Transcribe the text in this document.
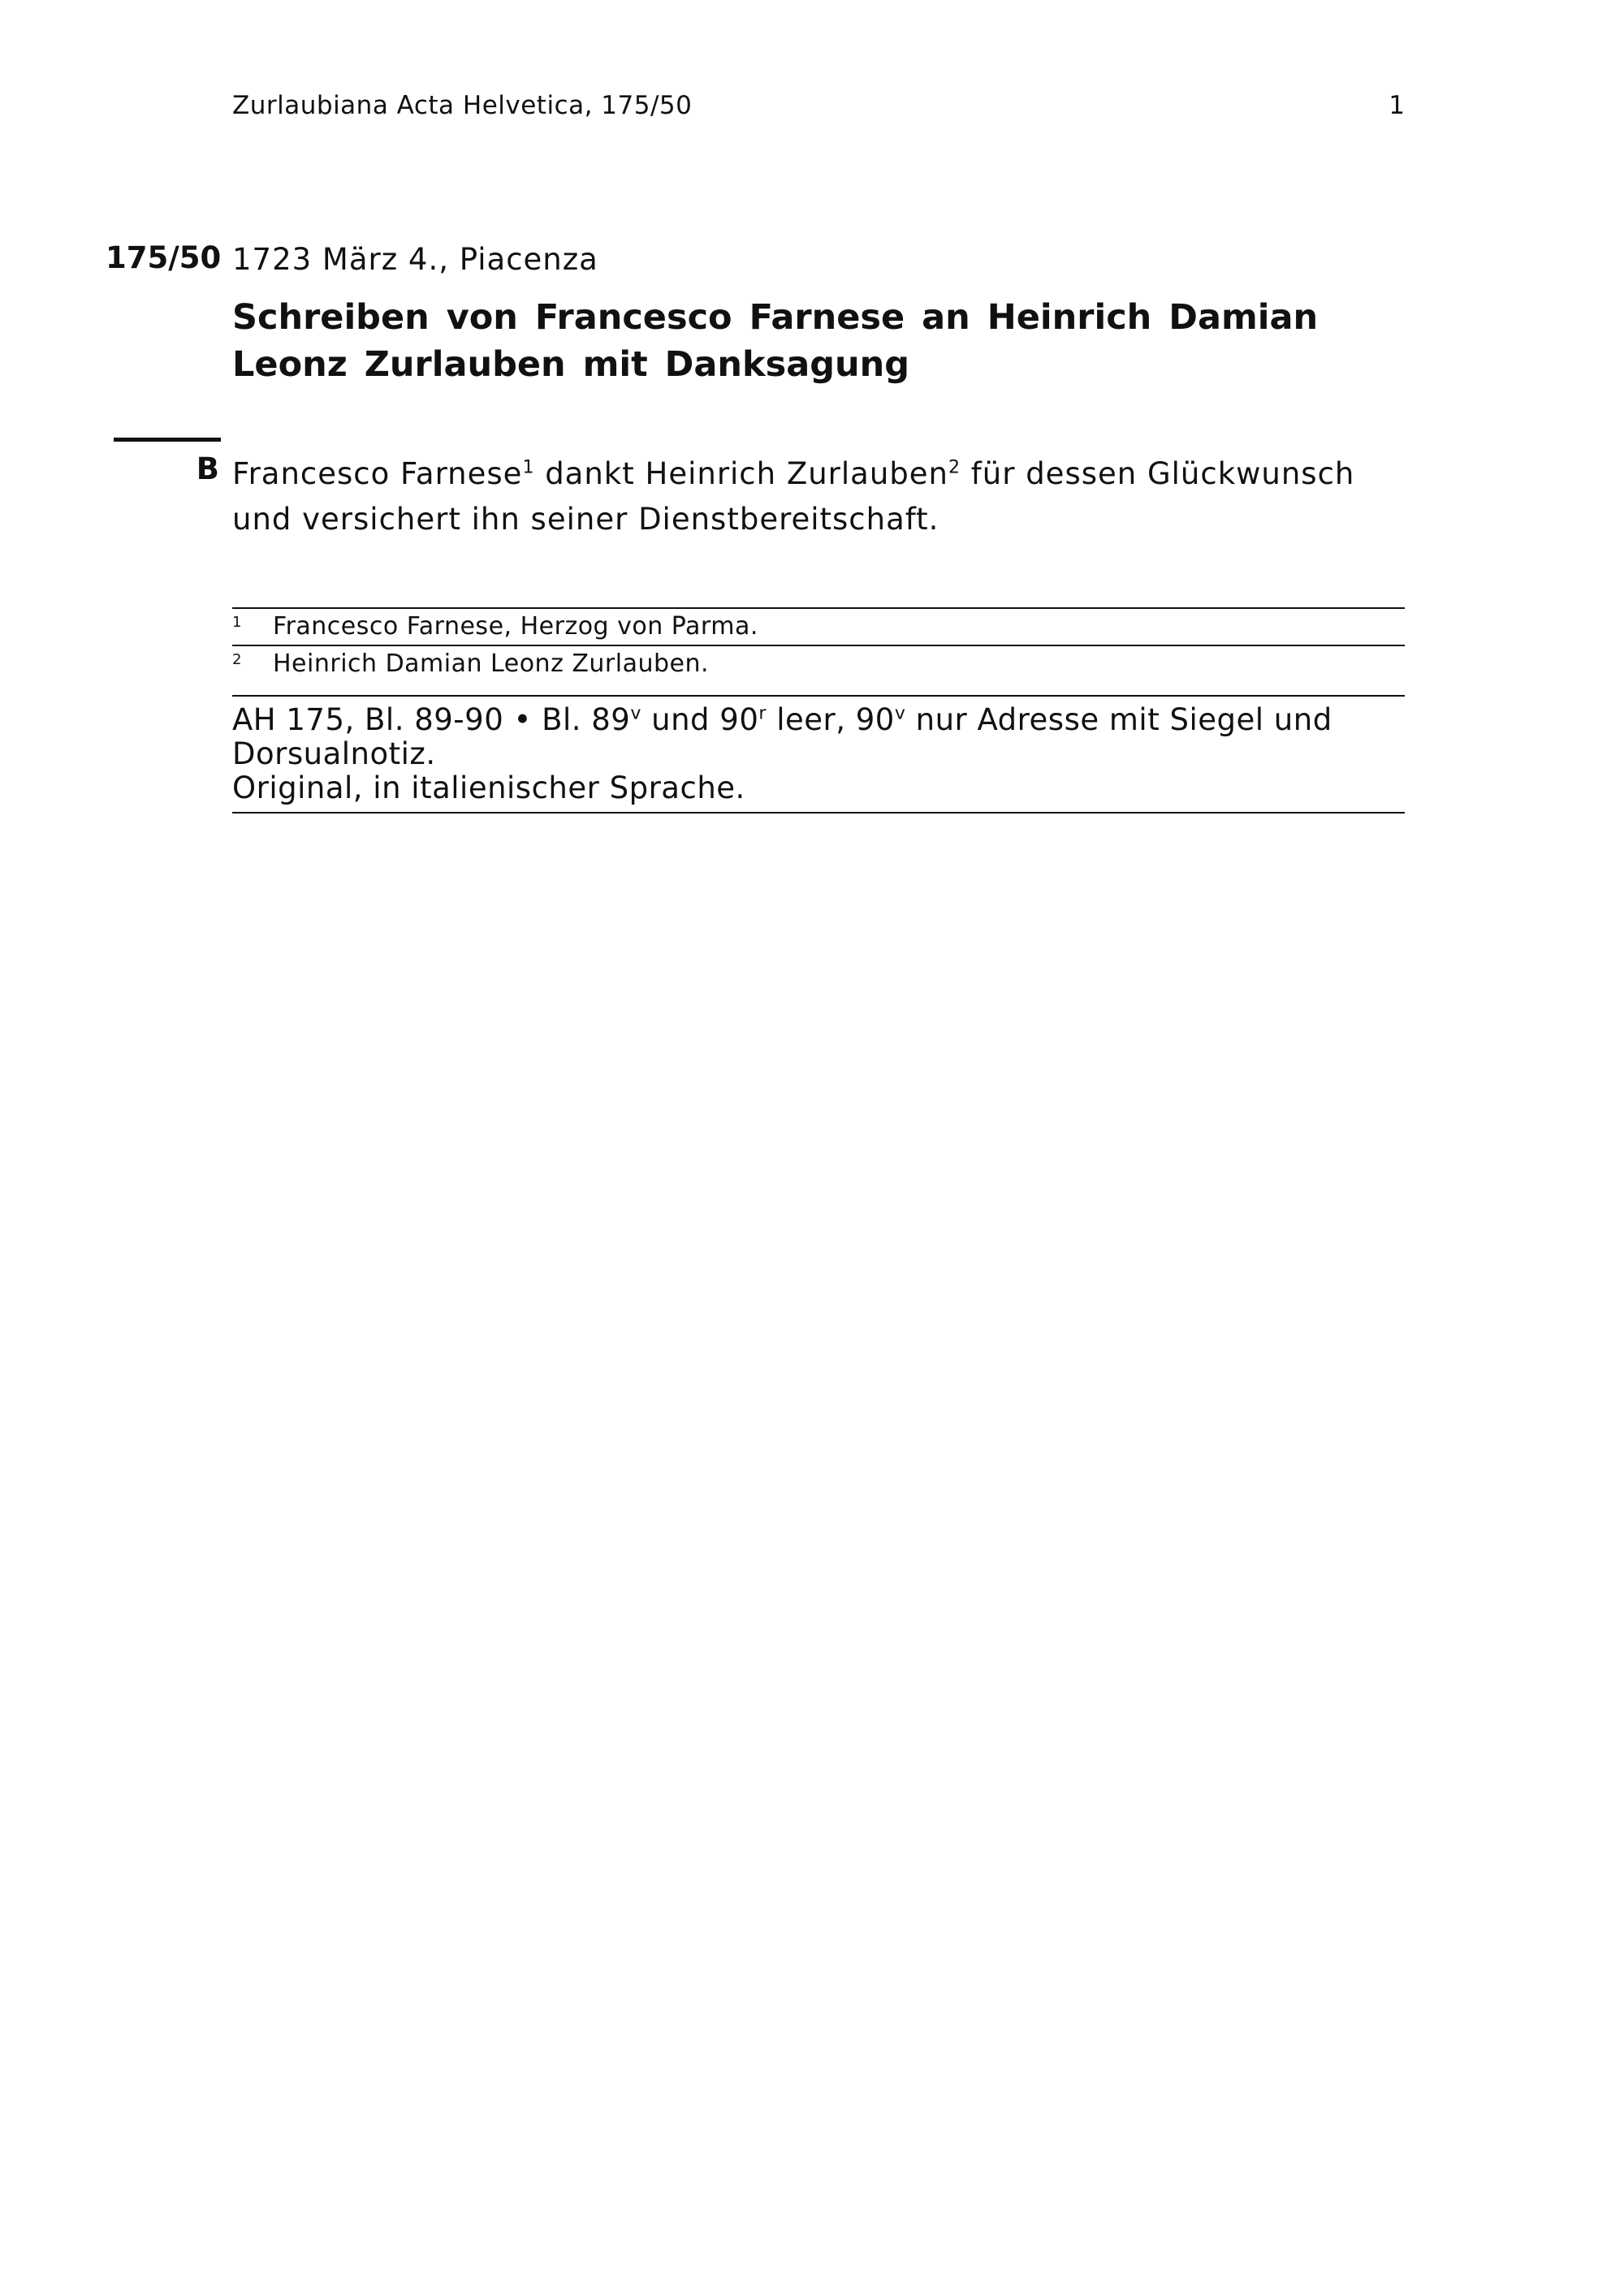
Zurlaubiana Acta Helvetica, 175/50	1
175/50 1723 März 4., Piacenza
Schreiben von Francesco Farnese an Heinrich Damian Leonz Zurlauben mit Danksagung
B Francesco Farnese$^1$ dankt Heinrich Zurlauben$^2$ für dessen Glückwunsch und versichert ihn seiner Dienstbereitschaft.
1	Francesco Farnese, Herzog von Parma.
2	Heinrich Damian Leonz Zurlauben.
AH 175, Bl. 89-90 • Bl. 89$^v$ und 90$^r$ leer, 90$^v$ nur Adresse mit Siegel und Dorsualnotiz.
Original, in italienischer Sprache.
